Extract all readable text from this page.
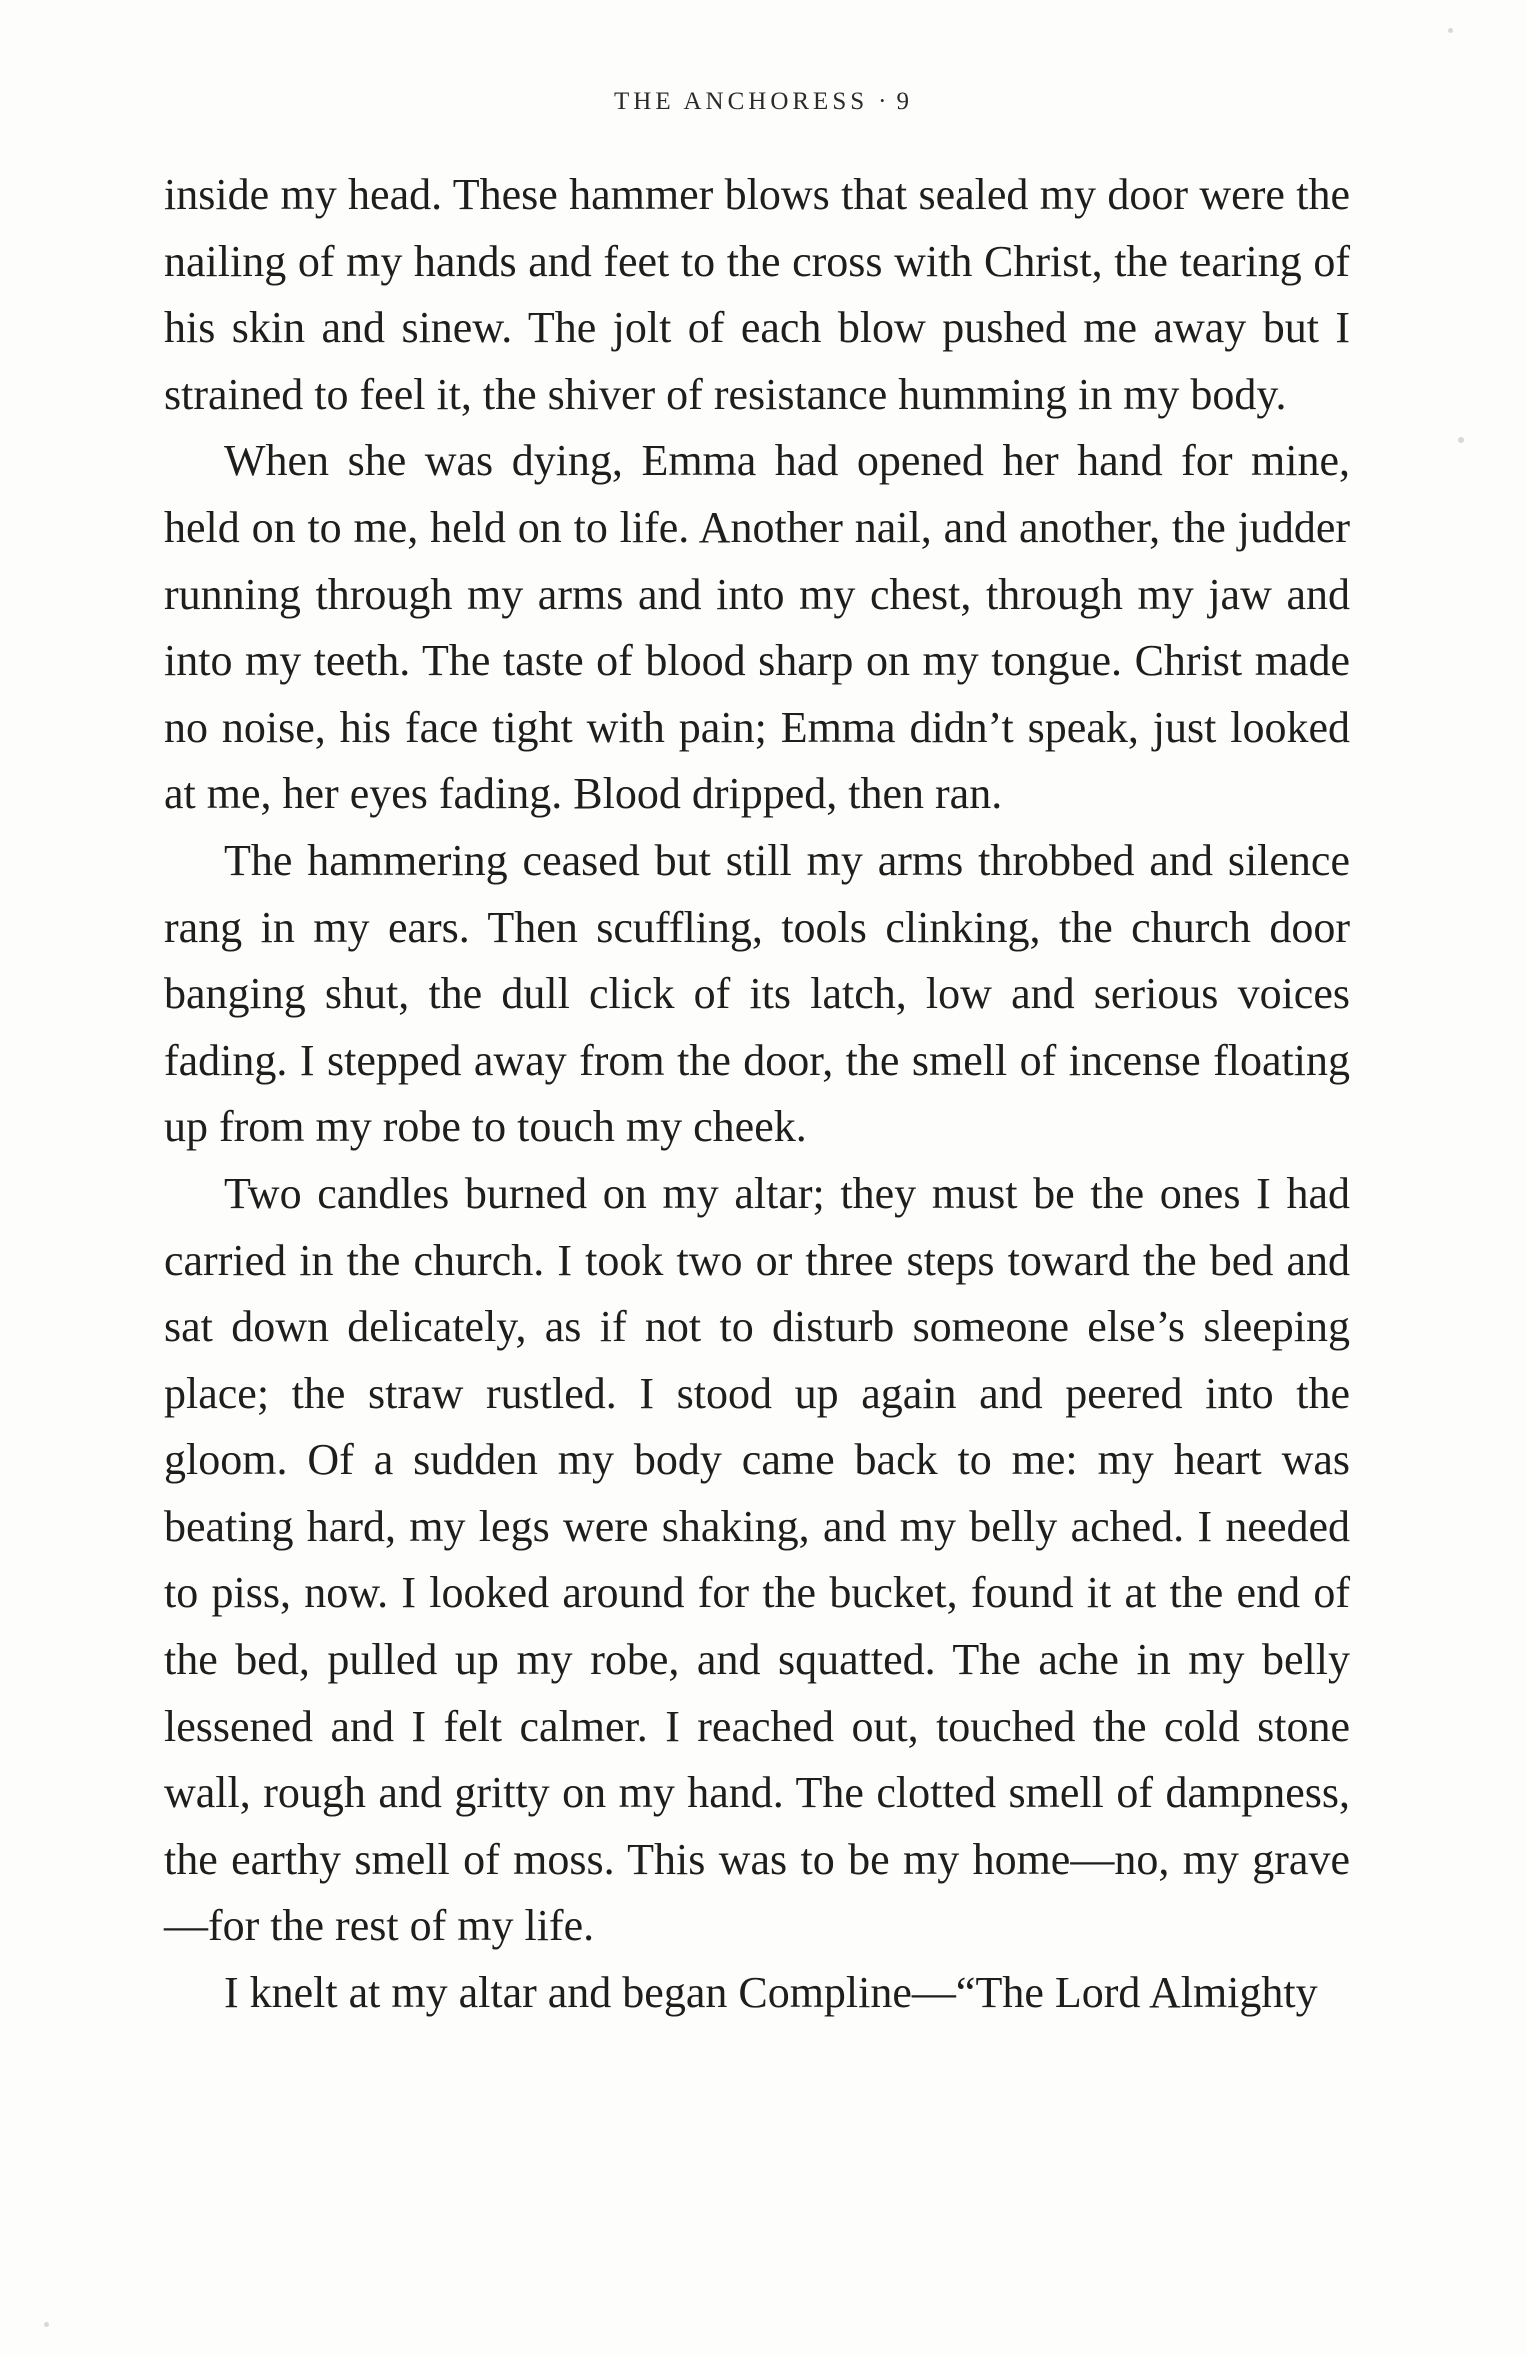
THE ANCHORESS · 9

inside my head. These hammer blows that sealed my door were the nailing of my hands and feet to the cross with Christ, the tearing of his skin and sinew. The jolt of each blow pushed me away but I strained to feel it, the shiver of resistance humming in my body.

When she was dying, Emma had opened her hand for mine, held on to me, held on to life. Another nail, and another, the judder running through my arms and into my chest, through my jaw and into my teeth. The taste of blood sharp on my tongue. Christ made no noise, his face tight with pain; Emma didn’t speak, just looked at me, her eyes fading. Blood dripped, then ran.

The hammering ceased but still my arms throbbed and silence rang in my ears. Then scuffling, tools clinking, the church door banging shut, the dull click of its latch, low and serious voices fading. I stepped away from the door, the smell of incense floating up from my robe to touch my cheek.

Two candles burned on my altar; they must be the ones I had carried in the church. I took two or three steps toward the bed and sat down delicately, as if not to disturb someone else’s sleeping place; the straw rustled. I stood up again and peered into the gloom. Of a sudden my body came back to me: my heart was beating hard, my legs were shaking, and my belly ached. I needed to piss, now. I looked around for the bucket, found it at the end of the bed, pulled up my robe, and squatted. The ache in my belly lessened and I felt calmer. I reached out, touched the cold stone wall, rough and gritty on my hand. The clotted smell of dampness, the earthy smell of moss. This was to be my home—no, my grave—for the rest of my life.

I knelt at my altar and began Compline—“The Lord Almighty
